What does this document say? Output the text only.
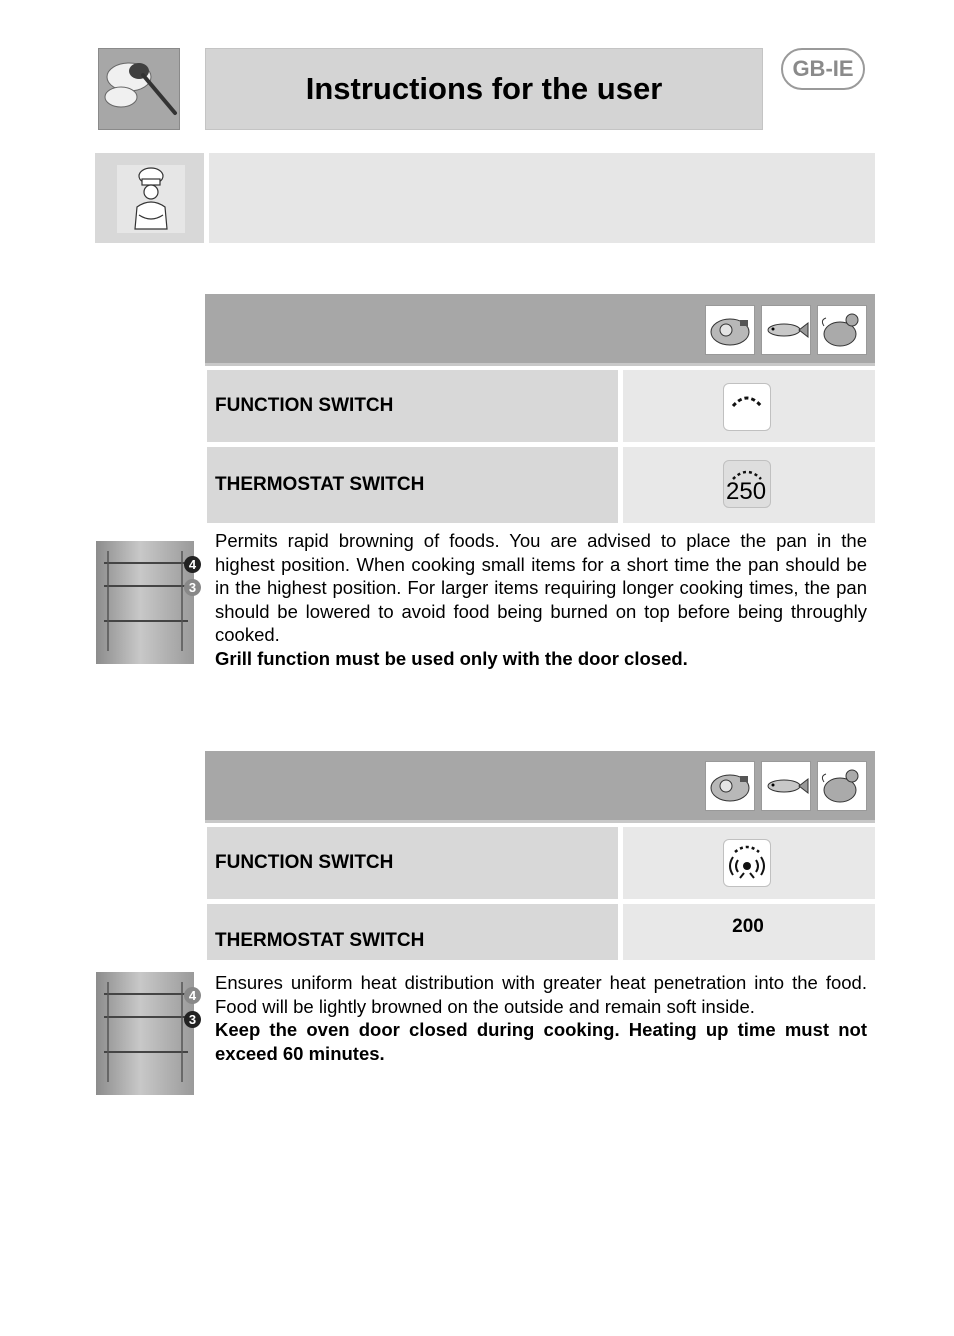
Instructions for the user
GB-IE
FUNCTION SWITCH
THERMOSTAT SWITCH	250
4
3
Permits rapid browning of foods. You are advised to place the pan in the highest position. When cooking small items for a short time the pan should be in the highest position. For larger items requiring longer cooking times, the pan should be lowered to avoid food being burned on top before being throughly cooked.
Grill function must be used only with the door closed.
FUNCTION SWITCH
THERMOSTAT SWITCH
200
4
3
Ensures uniform heat distribution with greater heat penetration into the food. Food will be lightly browned on the outside and remain soft inside.
Keep the oven door closed during cooking. Heating up time must not exceed 60 minutes.
